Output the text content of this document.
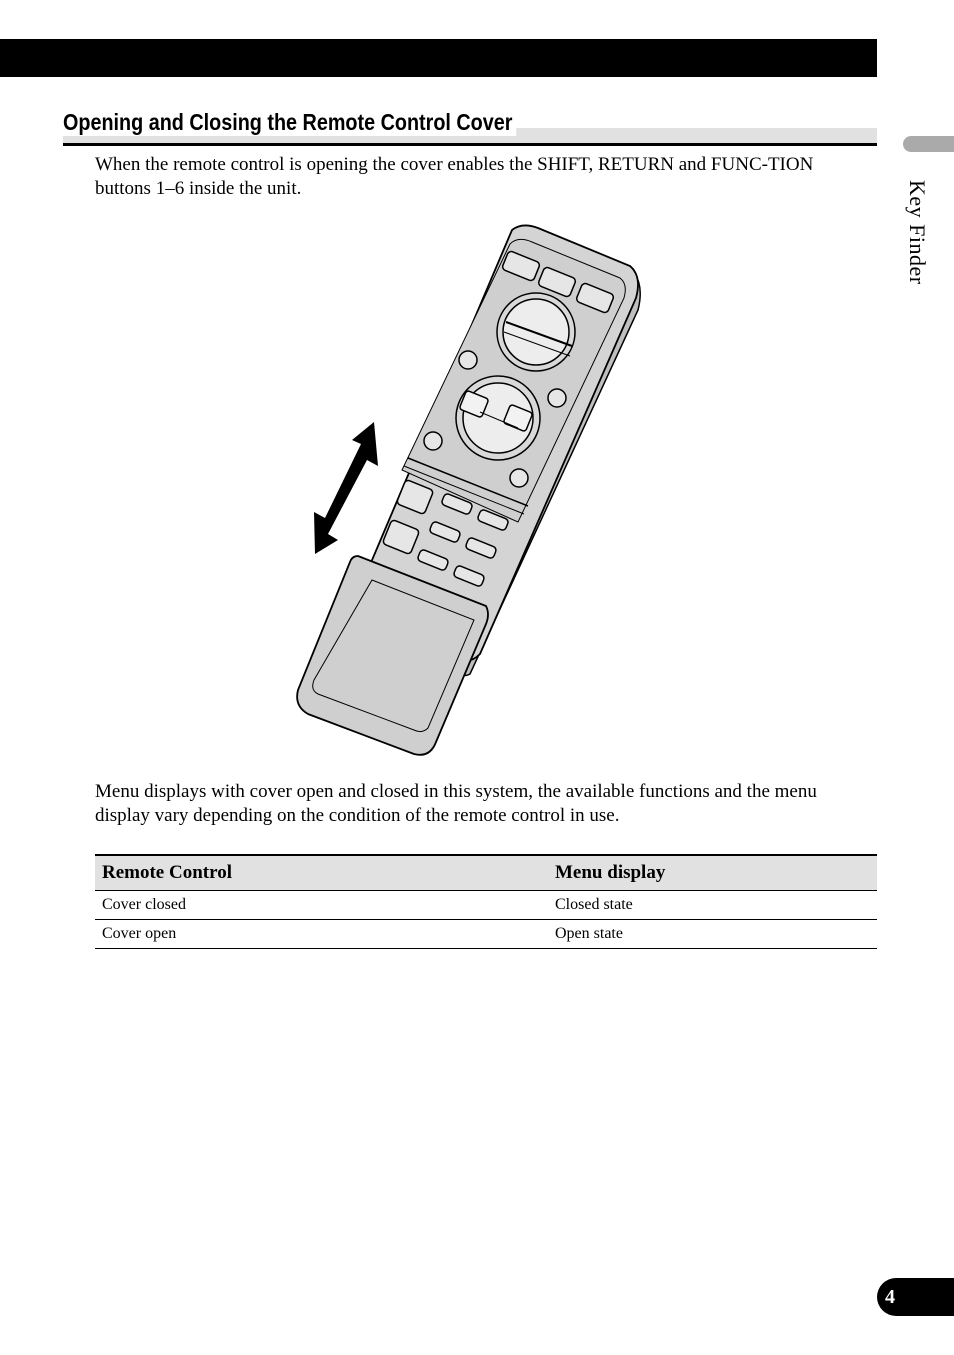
Key Finder
Opening and Closing the Remote Control Cover

When the remote control is opening the cover enables the SHIFT, RETURN and FUNC-TION buttons 1–6 inside the unit.

Menu displays with cover open and closed in this system, the available functions and the menu display vary depending on the condition of the remote control in use.

Remote Control	Menu display
Cover closed	Closed state
Cover open	Open state
4
